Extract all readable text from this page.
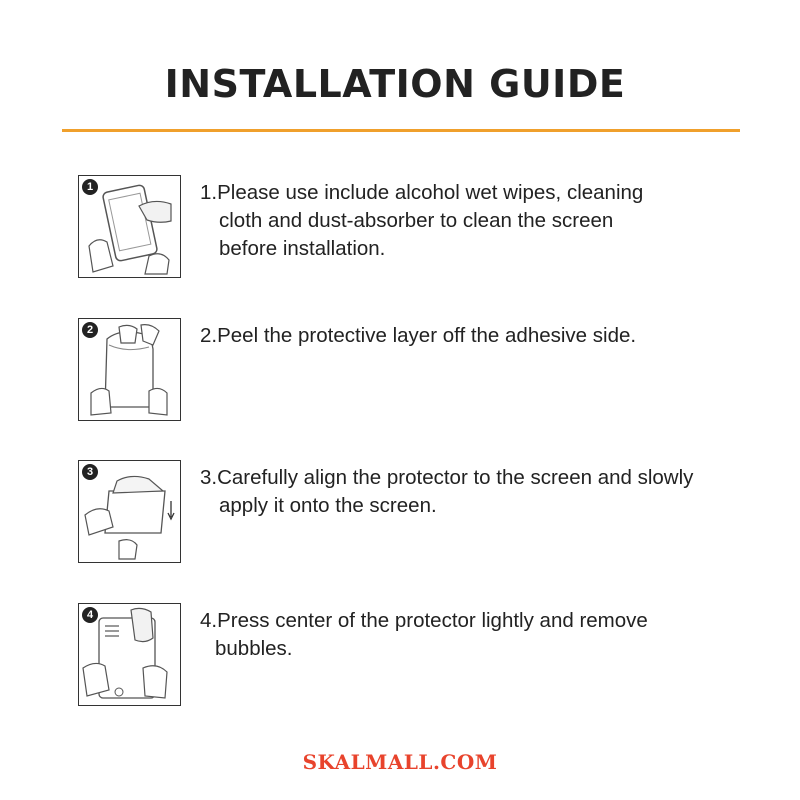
INSTALLATION GUIDE
1	1.Please use include alcohol wet wipes, cleaning
cloth and dust-absorber to clean the screen
before installation.
2	2.Peel the protective layer off the adhesive side.
3	3.Carefully align the protector to the screen and slowly
apply it onto the screen.
4	4.Press center of the protector lightly and remove
bubbles.
SKALMALL.COM
